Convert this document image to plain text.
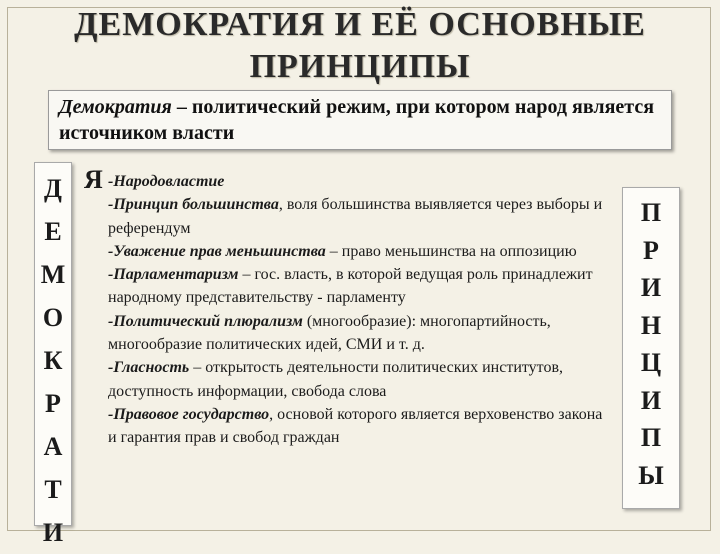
ДЕМОКРАТИЯ И ЕЁ ОСНОВНЫЕ
ПРИНЦИПЫ
Демократия – политический режим, при котором народ является источником власти
Д
Е
М
О
К
Р
А
Т
И
Я -Народовластие

-Принцип большинства, воля большинства выявляется через выборы и референдум

-Уважение прав меньшинства – право меньшинства на оппозицию

-Парламентаризм – гос. власть, в которой ведущая роль принадлежит народному представительству - парламенту

-Политический плюрализм (многообразие): многопартийность, многообразие политических идей, СМИ и т. д.

-Гласность – открытость деятельности политических институтов, доступность информации, свобода слова

-Правовое государство, основой которого является верховенство закона и гарантия прав и свобод граждан

П
Р
И
Н
Ц
И
П
Ы
